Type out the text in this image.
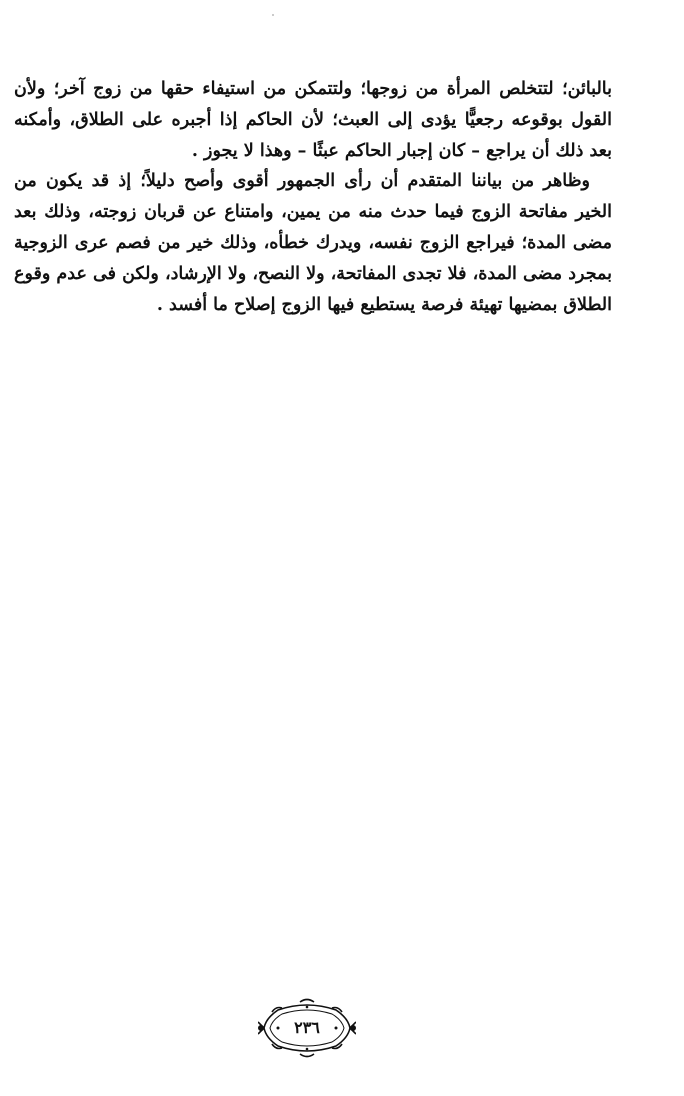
بالبائن؛ لتتخلص المرأة من زوجها؛ ولتتمكن من استيفاء حقها من زوج آخر؛ ولأن
القول بوقوعه رجعيًّا يؤدى إلى العبث؛ لأن الحاكم إذا أجبره على الطلاق، وأمكنه
بعد ذلك أن يراجع – كان إجبار الحاكم عبثًا – وهذا لا يجوز .
وظاهر من بياننا المتقدم أن رأى الجمهور أقوى وأصح دليلاً؛ إذ قد يكون من
الخير مفاتحة الزوج فيما حدث منه من يمين، وامتناع عن قربان زوجته، وذلك بعد
مضى المدة؛ فيراجع الزوج نفسه، ويدرك خطأه، وذلك خير من فصم عرى الزوجية
بمجرد مضى المدة، فلا تجدى المفاتحة، ولا النصح، ولا الإرشاد، ولكن فى عدم وقوع
الطلاق بمضيها تهيئة فرصة يستطيع فيها الزوج إصلاح ما أفسد .
٢٣٦
